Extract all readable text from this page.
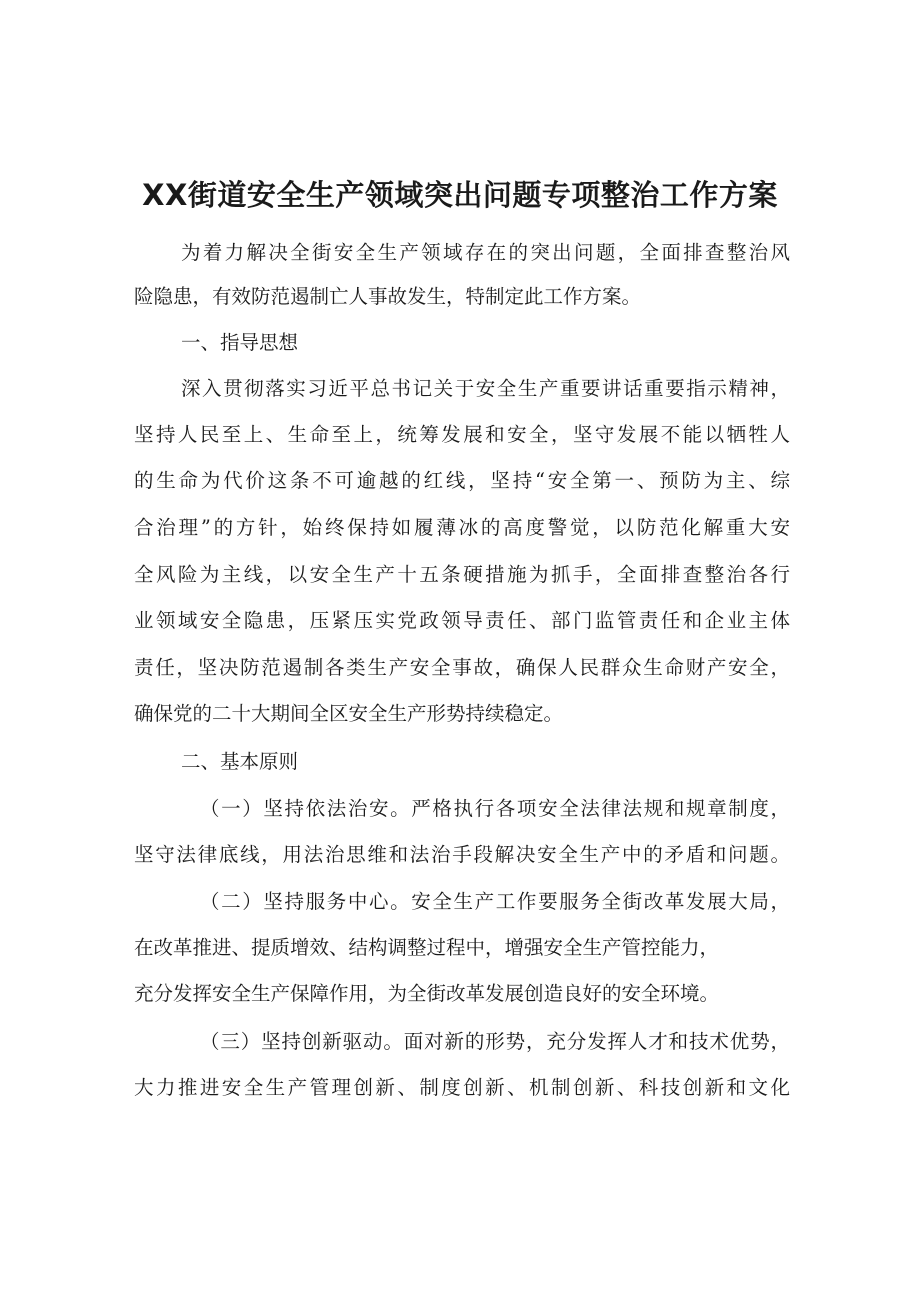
XX街道安全生产领域突出问题专项整治工作方案
为着力解决全街安全生产领域存在的突出问题，全面排查整治风
险隐患，有效防范遏制亡人事故发生，特制定此工作方案。
一、指导思想
深入贯彻落实习近平总书记关于安全生产重要讲话重要指示精神，
坚持人民至上、生命至上，统筹发展和安全，坚守发展不能以牺牲人
的生命为代价这条不可逾越的红线，坚持“安全第一、预防为主、综
合治理”的方针，始终保持如履薄冰的高度警觉，以防范化解重大安
全风险为主线，以安全生产十五条硬措施为抓手，全面排查整治各行
业领域安全隐患，压紧压实党政领导责任、部门监管责任和企业主体
责任，坚决防范遏制各类生产安全事故，确保人民群众生命财产安全，
确保党的二十大期间全区安全生产形势持续稳定。
二、基本原则
（一）坚持依法治安。严格执行各项安全法律法规和规章制度，
坚守法律底线，用法治思维和法治手段解决安全生产中的矛盾和问题。
（二）坚持服务中心。安全生产工作要服务全街改革发展大局，
在改革推进、提质增效、结构调整过程中，增强安全生产管控能力，
充分发挥安全生产保障作用，为全街改革发展创造良好的安全环境。
（三）坚持创新驱动。面对新的形势，充分发挥人才和技术优势，
大力推进安全生产管理创新、制度创新、机制创新、科技创新和文化
